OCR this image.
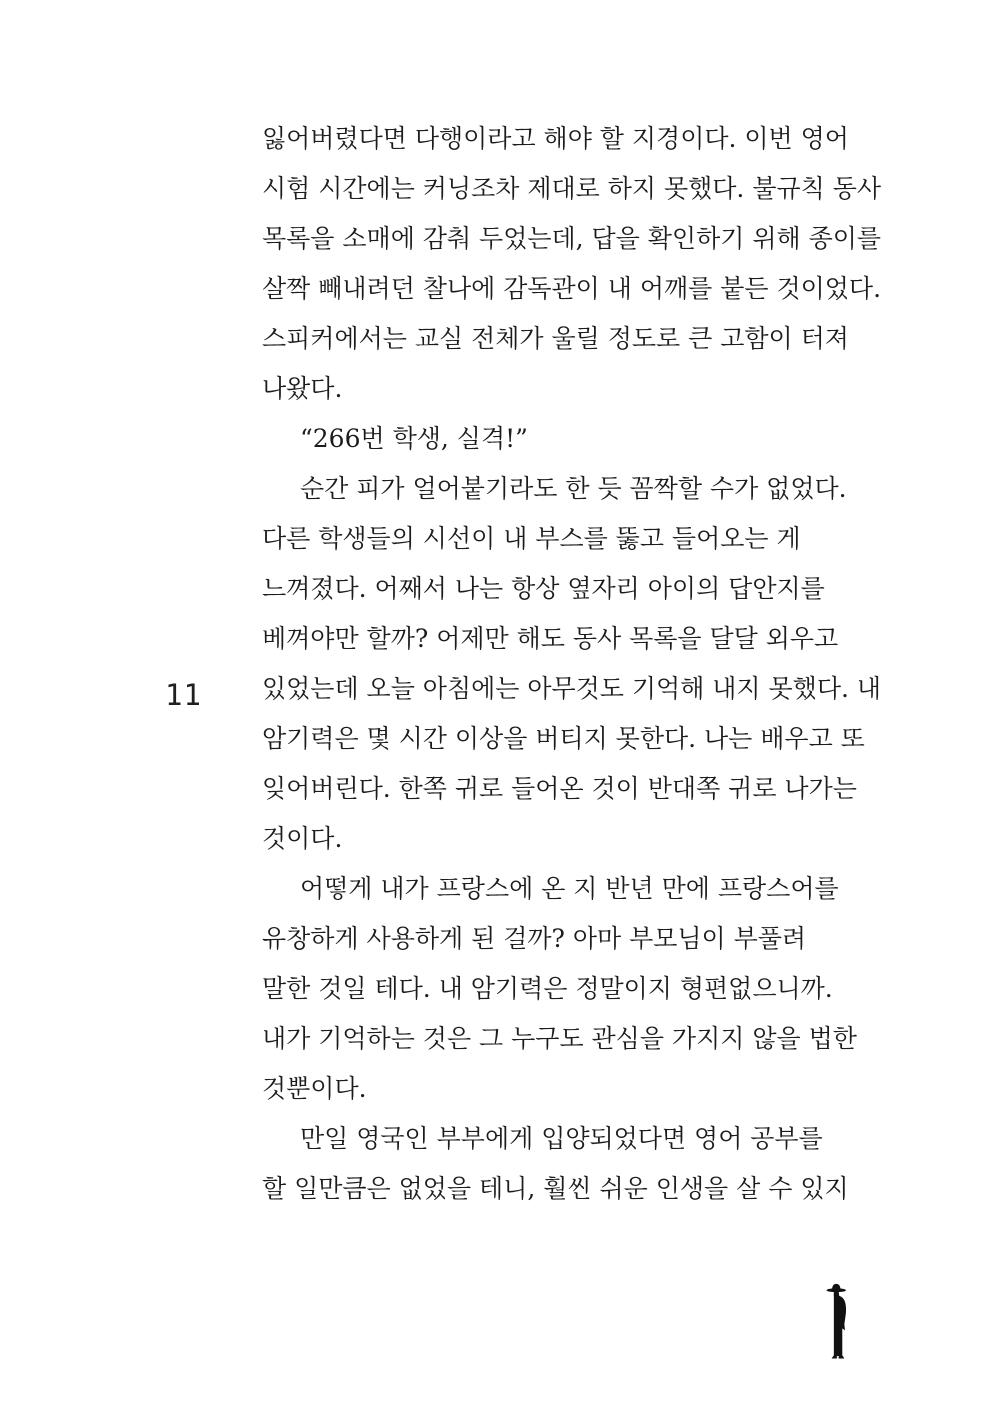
11
잃어버렸다면 다행이라고 해야 할 지경이다. 이번 영어
시험 시간에는 커닝조차 제대로 하지 못했다. 불규칙 동사
목록을 소매에 감춰 두었는데, 답을 확인하기 위해 종이를
살짝 빼내려던 찰나에 감독관이 내 어깨를 붙든 것이었다.
스피커에서는 교실 전체가 울릴 정도로 큰 고함이 터져
나왔다.
“266번 학생, 실격!”
순간 피가 얼어붙기라도 한 듯 꼼짝할 수가 없었다.
다른 학생들의 시선이 내 부스를 뚫고 들어오는 게
느껴졌다. 어째서 나는 항상 옆자리 아이의 답안지를
베껴야만 할까? 어제만 해도 동사 목록을 달달 외우고
있었는데 오늘 아침에는 아무것도 기억해 내지 못했다. 내
암기력은 몇 시간 이상을 버티지 못한다. 나는 배우고 또
잊어버린다. 한쪽 귀로 들어온 것이 반대쪽 귀로 나가는
것이다.
어떻게 내가 프랑스에 온 지 반년 만에 프랑스어를
유창하게 사용하게 된 걸까? 아마 부모님이 부풀려
말한 것일 테다. 내 암기력은 정말이지 형편없으니까.
내가 기억하는 것은 그 누구도 관심을 가지지 않을 법한
것뿐이다.
만일 영국인 부부에게 입양되었다면 영어 공부를
할 일만큼은 없었을 테니, 훨씬 쉬운 인생을 살 수 있지
